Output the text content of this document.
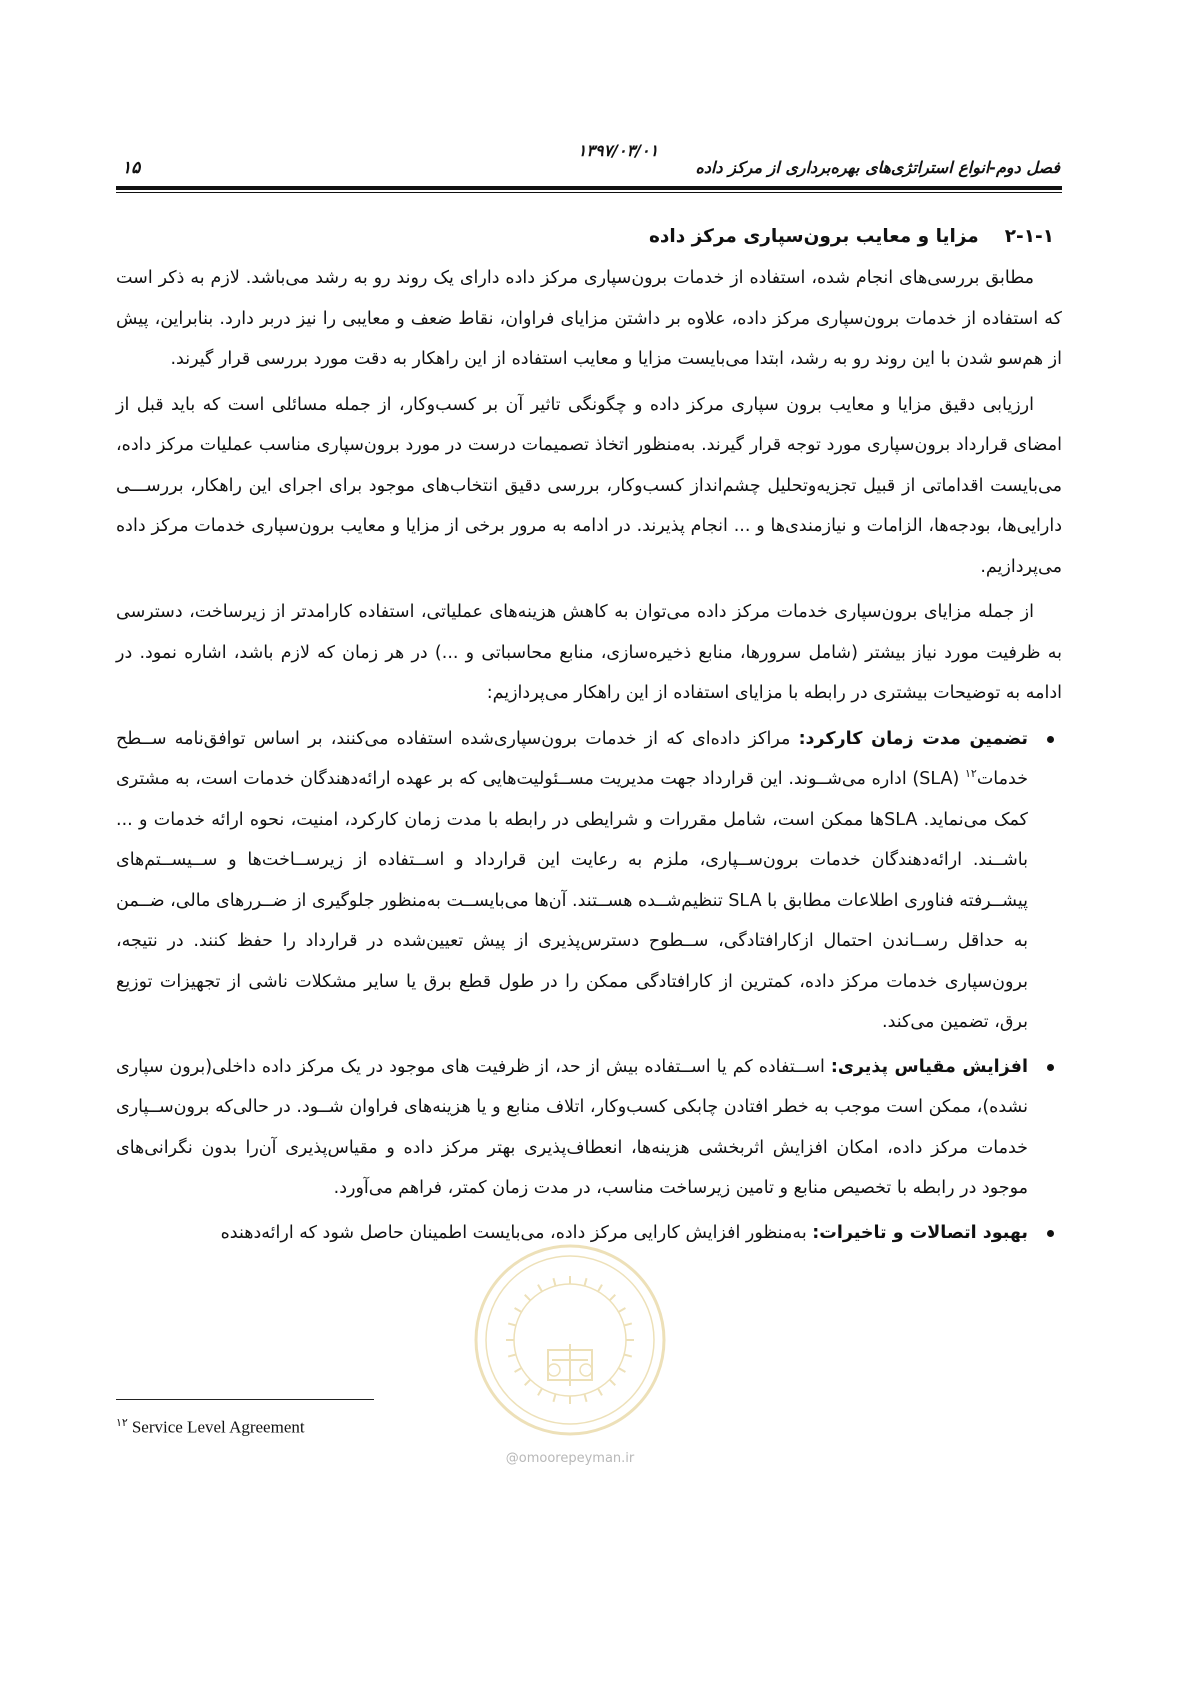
فصل دوم-انواع استراتژی‌های بهره‌برداری از مرکز داده
۱۳۹۷/۰۳/۰۱
۱۵
۲-۱-۱مزایا و معایب برون‌سپاری مرکز داده

مطابق بررسی‌های انجام شده، استفاده از خدمات برون‌سپاری مرکز داده دارای یک روند رو به رشد می‌باشد. لازم به ذکر است که استفاده از خدمات برون‌سپاری مرکز داده، علاوه بر داشتن مزایای فراوان، نقاط ضعف و معایبی را نیز دربر دارد. بنابراین، پیش از هم‌سو شدن با این روند رو به رشد، ابتدا می‌بایست مزایا و معایب استفاده از این راهکار به دقت مورد بررسی قرار گیرند.

ارزیابی دقیق مزایا و معایب برون سپاری مرکز داده و چگونگی تاثیر آن بر کسب‌وکار، از جمله مسائلی است که باید قبل از امضای قرارداد برون‌سپاری مورد توجه قرار گیرند. به‌منظور اتخاذ تصمیمات درست در مورد برون‌سپاری مناسب عملیات مرکز داده، می‌بایست اقداماتی از قبیل تجزیه‌وتحلیل چشم‌انداز کسب‌وکار، بررسی دقیق انتخاب‌های موجود برای اجرای این راهکار، بررســـی دارایی‌ها، بودجه‌ها، الزامات و نیازمندی‌ها و ... انجام پذیرند. در ادامه به مرور برخی از مزایا و معایب برون‌سپاری خدمات مرکز داده می‌پردازیم.

از جمله مزایای برون‌سپاری خدمات مرکز داده می‌توان به کاهش هزینه‌های عملیاتی، استفاده کارامدتر از زیرساخت، دسترسی به ظرفیت مورد نیاز بیشتر (شامل سرورها، منابع ذخیره‌سازی، منابع محاسباتی و ...) در هر زمان که لازم باشد، اشاره نمود. در ادامه به توضیحات بیشتری در رابطه با مزایای استفاده از این راهکار می‌پردازیم:

تضمین مدت زمان کارکرد: مراکز داده‌ای که از خدمات برون‌سپاری‌شده استفاده می‌کنند، بر اساس توافق‌نامه ســطح خدمات$^{۱۲}$ (SLA) اداره می‌شــوند. این قرارداد جهت مدیریت مســئولیت‌هایی که بر عهده ارائه‌دهندگان خدمات است، به مشتری کمک می‌نماید. SLAها ممکن است، شامل مقررات و شرایطی در رابطه با مدت زمان کارکرد، امنیت، نحوه ارائه خدمات و ... باشــند. ارائه‌دهندگان خدمات برون‌ســپاری، ملزم به رعایت این قرارداد و اســتفاده از زیرســاخت‌ها و ســیســتم‌های پیشــرفته فناوری اطلاعات مطابق با SLA تنظیم‌شــده هســتند. آن‌ها می‌بایســت به‌منظور جلوگیری از ضــررهای مالی، ضــمن به حداقل رســاندن احتمال ازکارافتادگی، ســطوح دسترس‌پذیری از پیش تعیین‌شده در قرارداد را حفظ کنند. در نتیجه، برون‌سپاری خدمات مرکز داده، کمترین از کارافتادگی ممکن را در طول قطع برق یا سایر مشکلات ناشی از تجهیزات توزیع برق، تضمین می‌کند.
افزایش مقیاس پذیری: اســتفاده کم یا اســتفاده بیش از حد، از ظرفیت های موجود در یک مرکز داده داخلی(برون سپاری نشده)، ممکن است موجب به خطر افتادن چابکی کسب‌وکار، اتلاف منابع و یا هزینه‌های فراوان شــود. در حالی‌که برون‌ســپاری خدمات مرکز داده، امکان افزایش اثربخشی هزینه‌ها، انعطاف‌پذیری بهتر مرکز داده و مقیاس‌پذیری آن‌را بدون نگرانی‌های موجود در رابطه با تخصیص منابع و تامین زیرساخت مناسب، در مدت زمان کمتر، فراهم می‌آورد.
بهبود اتصالات و تاخیرات: به‌منظور افزایش کارایی مرکز داده، می‌بایست اطمینان حاصل شود که ارائه‌دهنده
@omoorepeyman.ir
$^{۱۲}$ Service Level Agreement
